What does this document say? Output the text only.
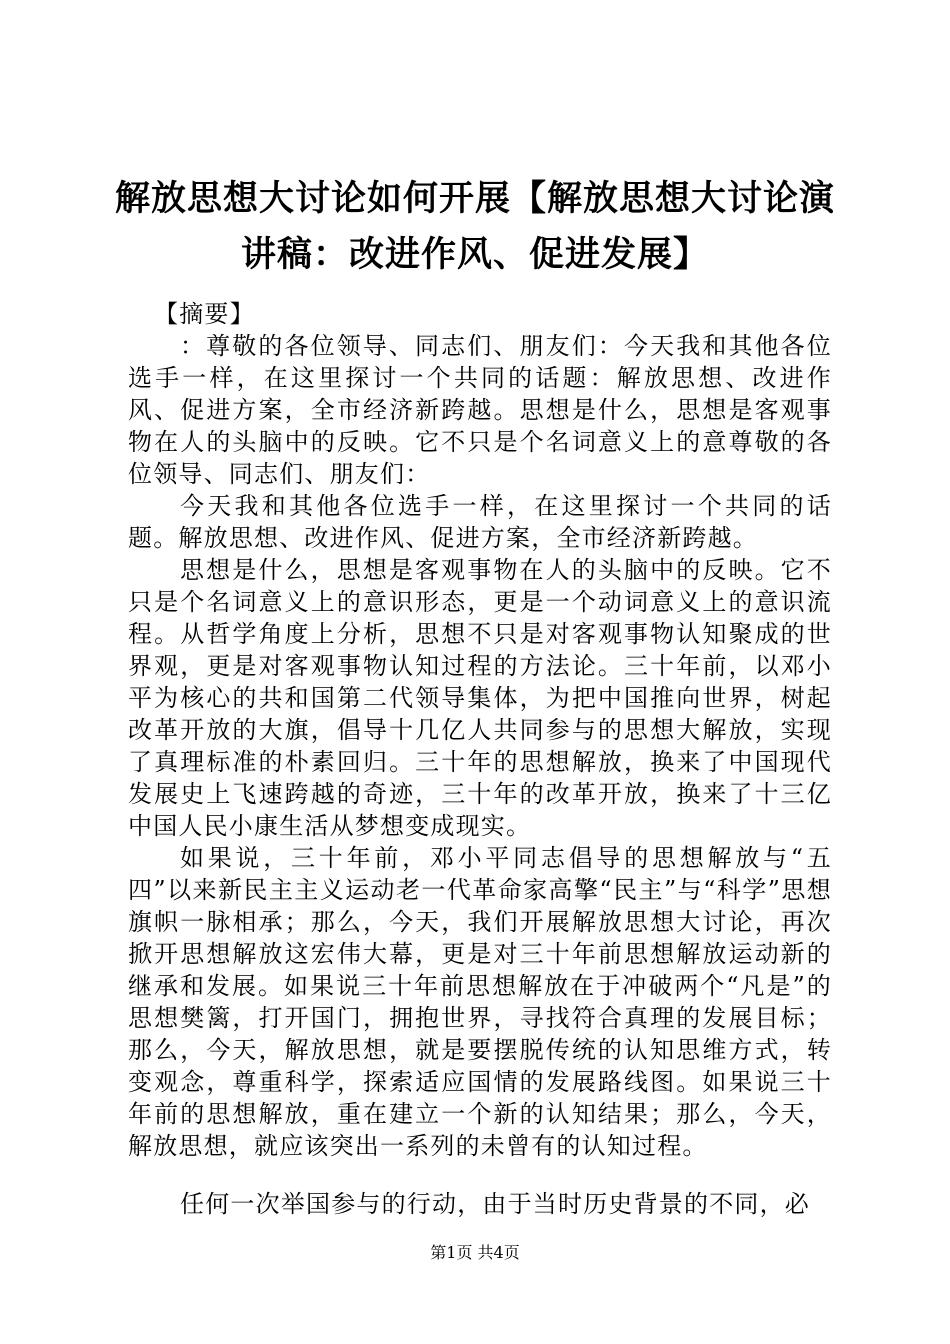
解放思想大讨论如何开展【解放思想大讨论演
讲稿：改进作风、促进发展】

【摘要】

：尊敬的各位领导、同志们、朋友们：今天我和其他各位选手一样，在这里探讨一个共同的话题：解放思想、改进作风、促进方案，全市经济新跨越。思想是什么，思想是客观事物在人的头脑中的反映。它不只是个名词意义上的意尊敬的各位领导、同志们、朋友们：

今天我和其他各位选手一样，在这里探讨一个共同的话题。解放思想、改进作风、促进方案，全市经济新跨越。

思想是什么，思想是客观事物在人的头脑中的反映。它不只是个名词意义上的意识形态，更是一个动词意义上的意识流程。从哲学角度上分析，思想不只是对客观事物认知聚成的世界观，更是对客观事物认知过程的方法论。三十年前，以邓小平为核心的共和国第二代领导集体，为把中国推向世界，树起改革开放的大旗，倡导十几亿人共同参与的思想大解放，实现了真理标准的朴素回归。三十年的思想解放，换来了中国现代发展史上飞速跨越的奇迹，三十年的改革开放，换来了十三亿中国人民小康生活从梦想变成现实。

如果说，三十年前，邓小平同志倡导的思想解放与“五四”以来新民主主义运动老一代革命家高擎“民主”与“科学”思想旗帜一脉相承；那么，今天，我们开展解放思想大讨论，再次掀开思想解放这宏伟大幕，更是对三十年前思想解放运动新的继承和发展。如果说三十年前思想解放在于冲破两个“凡是”的思想樊篱，打开国门，拥抱世界，寻找符合真理的发展目标；那么，今天，解放思想，就是要摆脱传统的认知思维方式，转变观念，尊重科学，探索适应国情的发展路线图。如果说三十年前的思想解放，重在建立一个新的认知结果；那么，今天，解放思想，就应该突出一系列的未曾有的认知过程。

任何一次举国参与的行动，由于当时历史背景的不同，必

第1页 共4页
